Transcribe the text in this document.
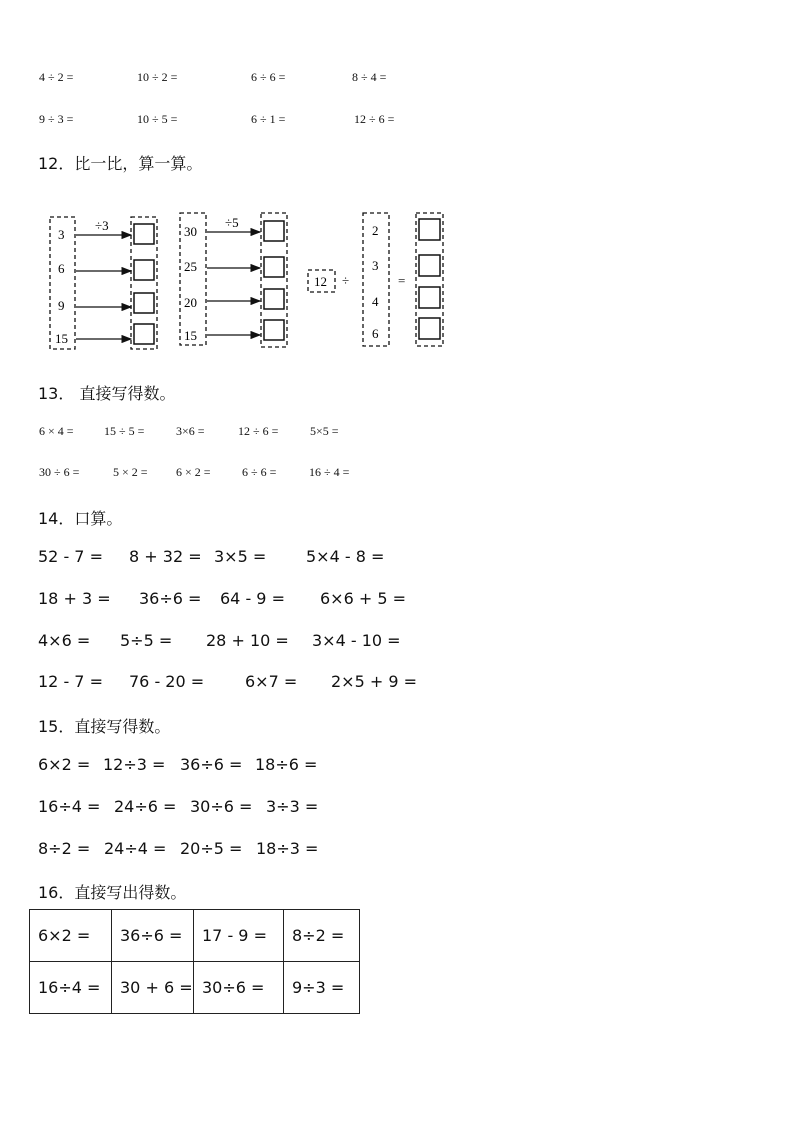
4 ÷ 2 =	10 ÷ 2 =	6 ÷ 6 =	8 ÷ 4 =
9 ÷ 3 =	10 ÷ 5 =	6 ÷ 1 =	12 ÷ 6 =
12．比一比，算一算。
÷3
3
6
9
15
÷5
30
25
20
15
12 ÷
2
3
4
6
=
13． 直接写得数。
6 × 4 =	15 ÷ 5 =	3×6 =	12 ÷ 6 =	5×5 =
30 ÷ 6 =	5 × 2 = 6 × 2 =	6 ÷ 6 =	16 ÷ 4 =
14．口算。
52 - 7 = 8 + 32 = 3×5 = 5×4 - 8 =
18 + 3 = 36÷6 = 64 - 9 = 6×6 + 5 =
4×6 = 5÷5 = 28 + 10 = 3×4 - 10 =
12 - 7 = 76 - 20 =	6×7 = 2×5 + 9 =
15．直接写得数。
6×2 = 12÷3 = 36÷6 = 18÷6 =
16÷4 = 24÷6 = 30÷6 = 3÷3 =
8÷2 = 24÷4 = 20÷5 = 18÷3 =
16．直接写出得数。
6×2 =	36÷6 =	17 - 9 =	8÷2 =
16÷4 =	30 + 6 =	30÷6 =	9÷3 =
